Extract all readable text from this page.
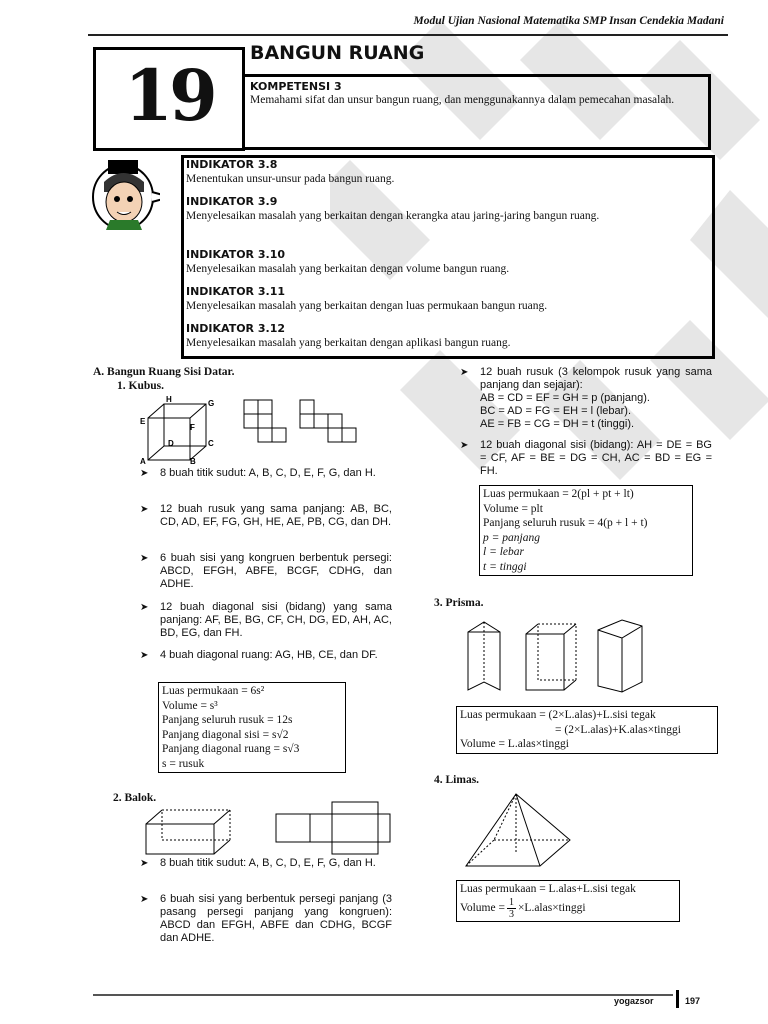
Modul Ujian Nasional Matematika SMP Insan Cendekia Madani
19
BANGUN RUANG
KOMPETENSI 3
Memahami sifat dan unsur bangun ruang, dan menggunakannya dalam pemecahan masalah.
INDIKATOR 3.8
Menentukan unsur-unsur pada bangun ruang.
INDIKATOR 3.9
Menyelesaikan masalah yang berkaitan dengan kerangka atau jaring-jaring bangun ruang.
INDIKATOR 3.10
Menyelesaikan masalah yang berkaitan dengan volume bangun ruang.
INDIKATOR 3.11
Menyelesaikan masalah yang berkaitan dengan luas permukaan bangun ruang.
INDIKATOR 3.12
Menyelesaikan masalah yang berkaitan dengan aplikasi bangun ruang.
A. Bangun Ruang Sisi Datar.
1. Kubus.
H	G
E
F
D	C
A	B
➤ 8 buah titik sudut: A, B, C, D, E, F, G, dan H.
➤ 12 buah rusuk yang sama panjang: AB, BC, CD, AD, EF, FG, GH, HE, AE, PB, CG, dan DH.
➤ 6 buah sisi yang kongruen berbentuk persegi: ABCD, EFGH, ABFE, BCGF, CDHG, dan ADHE.
➤ 12 buah diagonal sisi (bidang) yang sama panjang: AF, BE, BG, CF, CH, DG, ED, AH, AC, BD, EG, dan FH.
➤ 4 buah diagonal ruang: AG, HB, CE, dan DF.
Luas permukaan = 6s²
Volume = s³
Panjang seluruh rusuk = 12s
Panjang diagonal sisi = s√2
Panjang diagonal ruang = s√3
s = rusuk
2. Balok.
➤ 8 buah titik sudut: A, B, C, D, E, F, G, dan H.
➤ 6 buah sisi yang berbentuk persegi panjang (3 pasang persegi panjang yang kongruen): ABCD dan EFGH, ABFE dan CDHG, BCGF dan ADHE.
➤ 12 buah rusuk (3 kelompok rusuk yang sama panjang dan sejajar):
AB = CD = EF = GH = p (panjang).
BC = AD = FG = EH = l (lebar).
AE = FB = CG = DH = t (tinggi).
➤ 12 buah diagonal sisi (bidang): AH = DE = BG = CF, AF = BE = DG = CH, AC = BD = EG = FH.
Luas permukaan = 2(pl + pt + lt)
Volume = plt
Panjang seluruh rusuk = 4(p + l + t)
p = panjang
l = lebar
t = tinggi
3. Prisma.
Luas permukaan = (2×L.alas)+L.sisi tegak
= (2×L.alas)+K.alas×tinggi
Volume = L.alas×tinggi
4. Limas.
Luas permukaan = L.alas+L.sisi tegak
Volume = $\frac{1}{3}$ ×L.alas×tinggi
yogazsor	197
